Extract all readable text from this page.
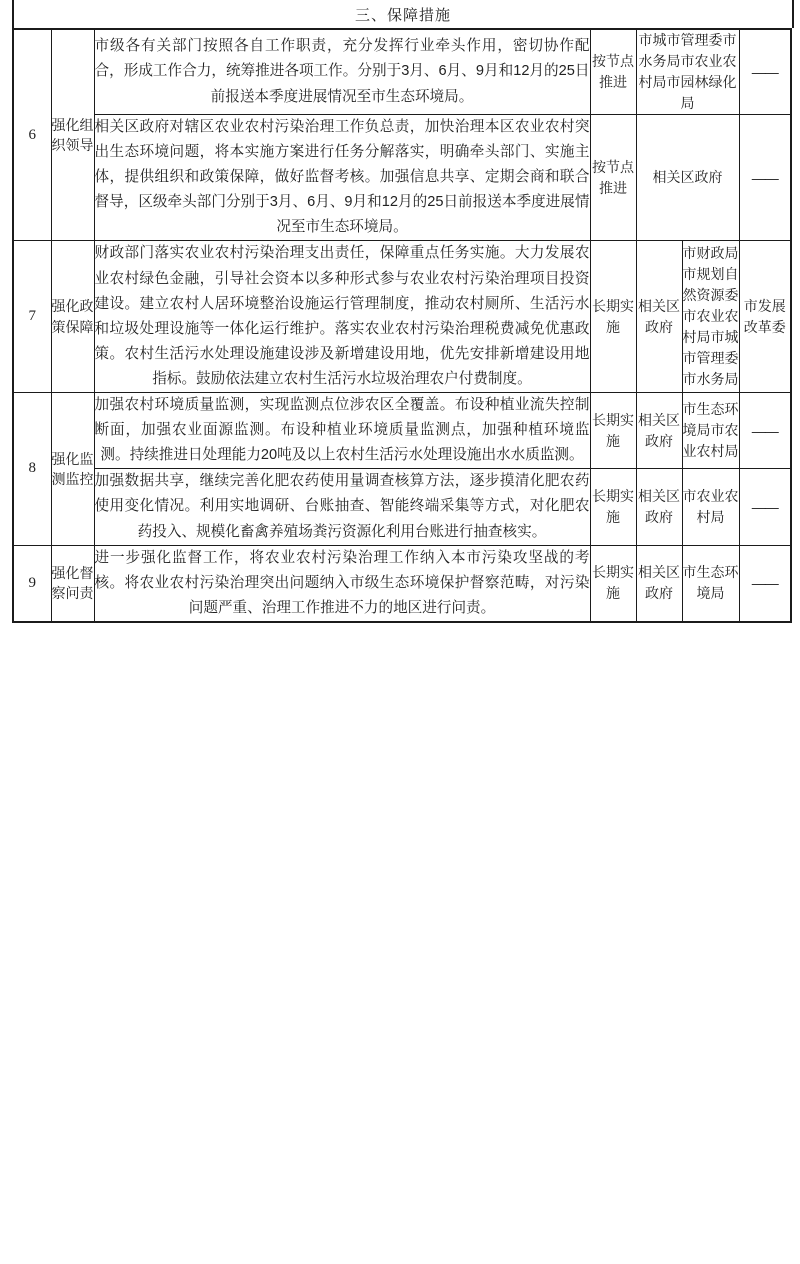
三、保障措施
6	强化组织领导	市级各有关部门按照各自工作职责，充分发挥行业牵头作用，密切协作配合，形成工作合力，统筹推进各项工作。分别于3月、6月、9月和12月的25日前报送本季度进展情况至市生态环境局。	按节点推进	市城市管理委市水务局市农业农村局市园林绿化局		——
		相关区政府对辖区农业农村污染治理工作负总责，加快治理本区农业农村突出生态环境问题，将本实施方案进行任务分解落实，明确牵头部门、实施主体，提供组织和政策保障，做好监督考核。加强信息共享、定期会商和联合督导，区级牵头部门分别于3月、6月、9月和12月的25日前报送本季度进展情况至市生态环境局。	按节点推进	相关区政府		——
7	强化政策保障	财政部门落实农业农村污染治理支出责任，保障重点任务实施。大力发展农业农村绿色金融，引导社会资本以多种形式参与农业农村污染治理项目投资建设。建立农村人居环境整治设施运行管理制度，推动农村厕所、生活污水和垃圾处理设施等一体化运行维护。落实农业农村污染治理税费减免优惠政策。农村生活污水处理设施建设涉及新增建设用地，优先安排新增建设用地指标。鼓励依法建立农村生活污水垃圾治理农户付费制度。	长期实施	相关区政府	市财政局市规划自然资源委市农业农村局市城市管理委市水务局	市发展改革委
8	强化监测监控	加强农村环境质量监测，实现监测点位涉农区全覆盖。布设种植业流失控制断面，加强农业面源监测。布设种植业环境质量监测点，加强种植环境监测。持续推进日处理能力20吨及以上农村生活污水处理设施出水水质监测。	长期实施	相关区政府	市生态环境局市农业农村局	——
		加强数据共享，继续完善化肥农药使用量调查核算方法，逐步摸清化肥农药使用变化情况。利用实地调研、台账抽查、智能终端采集等方式，对化肥农药投入、规模化畜禽养殖场粪污资源化利用台账进行抽查核实。	长期实施	相关区政府	市农业农村局	——
9	强化督察问责	进一步强化监督工作，将农业农村污染治理工作纳入本市污染攻坚战的考核。将农业农村污染治理突出问题纳入市级生态环境保护督察范畴，对污染问题严重、治理工作推进不力的地区进行问责。	长期实施	相关区政府	市生态环境局	——
